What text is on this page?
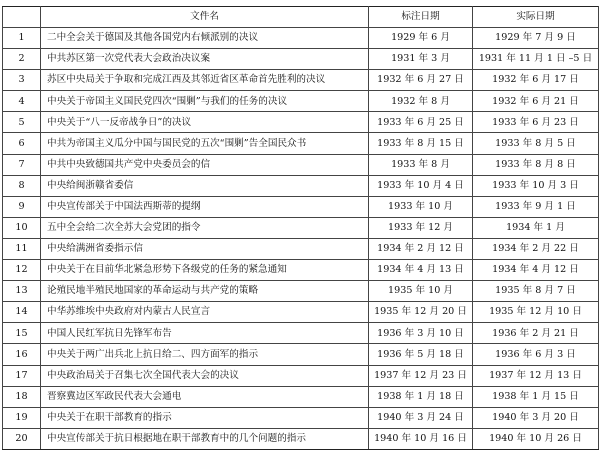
	文件名	标注日期	实际日期
1	二中全会关于德国及其他各国党内右倾派别的决议	1929 年 6 月	1929 年 7 月 9 日
2	中共苏区第一次党代表大会政治决议案	1931 年 3 月	1931 年 11 月 1 日 –5 日
3	苏区中央局关于争取和完成江西及其邻近省区革命首先胜利的决议	1932 年 6 月 27 日	1932 年 6 月 17 日
4	中央关于帝国主义国民党四次“围剿”与我们的任务的决议	1932 年 8 月	1932 年 6 月 21 日
5	中央关于“八一反帝战争日”的决议	1933 年 6 月 25 日	1933 年 6 月 23 日
6	中共为帝国主义瓜分中国与国民党的五次“围剿”告全国民众书	1933 年 8 月 15 日	1933 年 8 月 5 日
7	中共中央致德国共产党中央委员会的信	1933 年 8 月	1933 年 8 月 8 日
8	中央给闽浙赣省委信	1933 年 10 月 4 日	1933 年 10 月 3 日
9	中央宣传部关于中国法西斯蒂的提纲	1933 年 10 月	1933 年 9 月 1 日
10	五中全会给二次全苏大会党团的指令	1933 年 12 月	1934 年 1 月
11	中央给满洲省委指示信	1934 年 2 月 12 日	1934 年 2 月 22 日
12	中央关于在目前华北紧急形势下各级党的任务的紧急通知	1934 年 4 月 13 日	1934 年 4 月 12 日
13	论殖民地半殖民地国家的革命运动与共产党的策略	1935 年 10 月	1935 年 8 月 7 日
14	中华苏维埃中央政府对内蒙古人民宣言	1935 年 12 月 20 日	1935 年 12 月 10 日
15	中国人民红军抗日先锋军布告	1936 年 3 月 10 日	1936 年 2 月 21 日
16	中央关于两广出兵北上抗日给二、四方面军的指示	1936 年 5 月 18 日	1936 年 6 月 3 日
17	中央政治局关于召集七次全国代表大会的决议	1937 年 12 月 23 日	1937 年 12 月 13 日
18	晋察冀边区军政民代表大会通电	1938 年 1 月 18 日	1938 年 1 月 15 日
19	中央关于在职干部教育的指示	1940 年 3 月 24 日	1940 年 3 月 20 日
20	中央宣传部关于抗日根据地在职干部教育中的几个问题的指示	1940 年 10 月 16 日	1940 年 10 月 26 日
